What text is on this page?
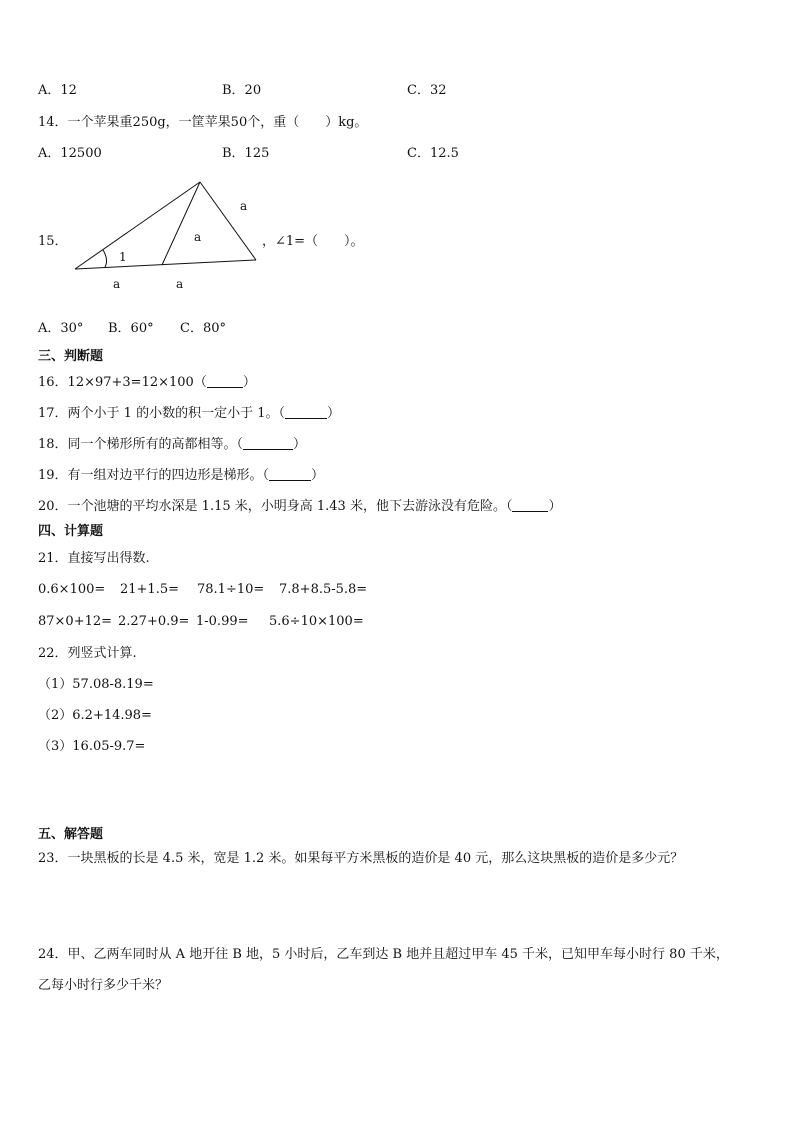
A．12	B．20	C．32
14．一个苹果重250g，一筐苹果50个，重（　　）kg。
A．12500	B．125	C．12.5
15．
a
a
1
a	a
，∠1=（　　）。
A．30° B．60° C．80°
三、判断题
16．12×97+3=12×100（	）
17．两个小于 1 的小数的积一定小于 1。（	）
18．同一个梯形所有的高都相等。（	）
19．有一组对边平行的四边形是梯形。（	）
20．一个池塘的平均水深是 1.15 米，小明身高 1.43 米，他下去游泳没有危险。（	）
四、计算题
21．直接写出得数.
0.6×100= 21+1.5= 78.1÷10= 7.8+8.5-5.8=
87×0+12= 2.27+0.9= 1-0.99= 5.6÷10×100=
22．列竖式计算.
（1）57.08-8.19=
（2）6.2+14.98=
（3）16.05-9.7=
五、解答题
23．一块黑板的长是 4.5 米，宽是 1.2 米。如果每平方米黑板的造价是 40 元，那么这块黑板的造价是多少元？
24．甲、乙两车同时从 A 地开往 B 地，5 小时后，乙车到达 B 地并且超过甲车 45 千米，已知甲车每小时行 80 千米，
乙每小时行多少千米？
